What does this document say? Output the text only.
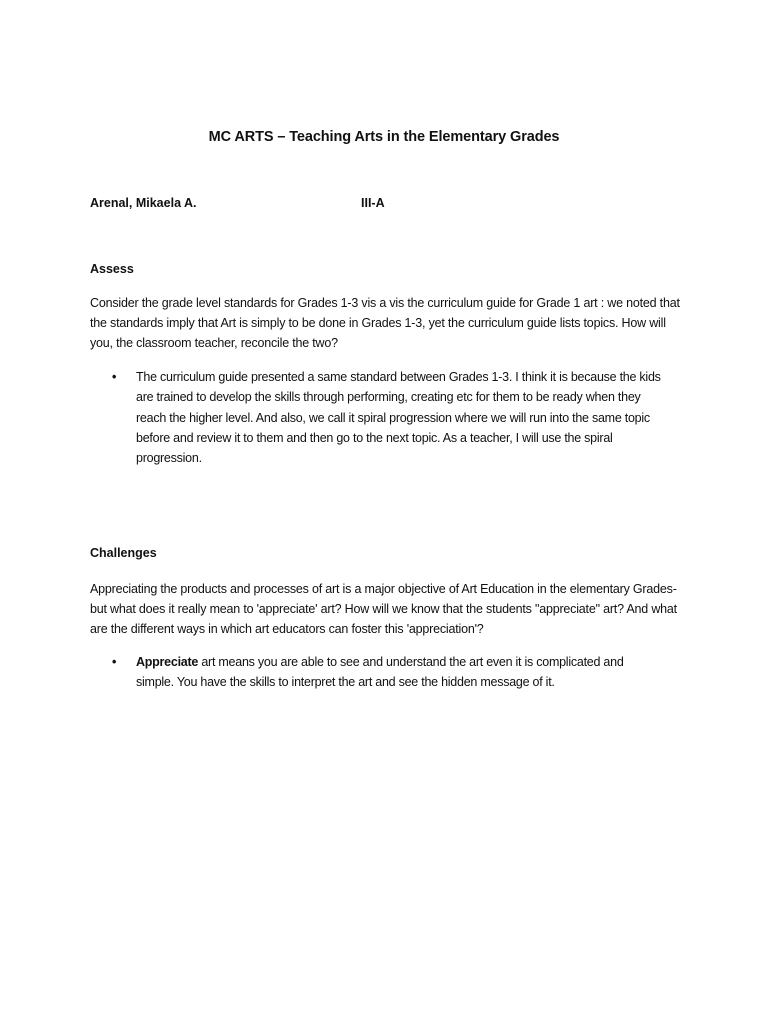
MC ARTS – Teaching Arts in the Elementary Grades
Arenal, Mikaela A.	III-A
Assess
Consider the grade level standards for Grades 1-3 vis a vis the curriculum guide for Grade 1 art : we noted that the standards imply that Art is simply to be done in Grades 1-3, yet the curriculum guide lists topics. How will you, the classroom teacher, reconcile the two?
•	The curriculum guide presented a same standard between Grades 1-3. I think it is because the kids are trained to develop the skills through performing, creating etc for them to be ready when they reach the higher level. And also, we call it spiral progression where we will run into the same topic before and review it to them and then go to the next topic. As a teacher, I will use the spiral progression.
Challenges
Appreciating the products and processes of art is a major objective of Art Education in the elementary Grades- but what does it really mean to 'appreciate' art? How will we know that the students "appreciate" art? And what are the different ways in which art educators can foster this 'appreciation'?
•	Appreciate art means you are able to see and understand the art even it is complicated and simple. You have the skills to interpret the art and see the hidden message of it.
